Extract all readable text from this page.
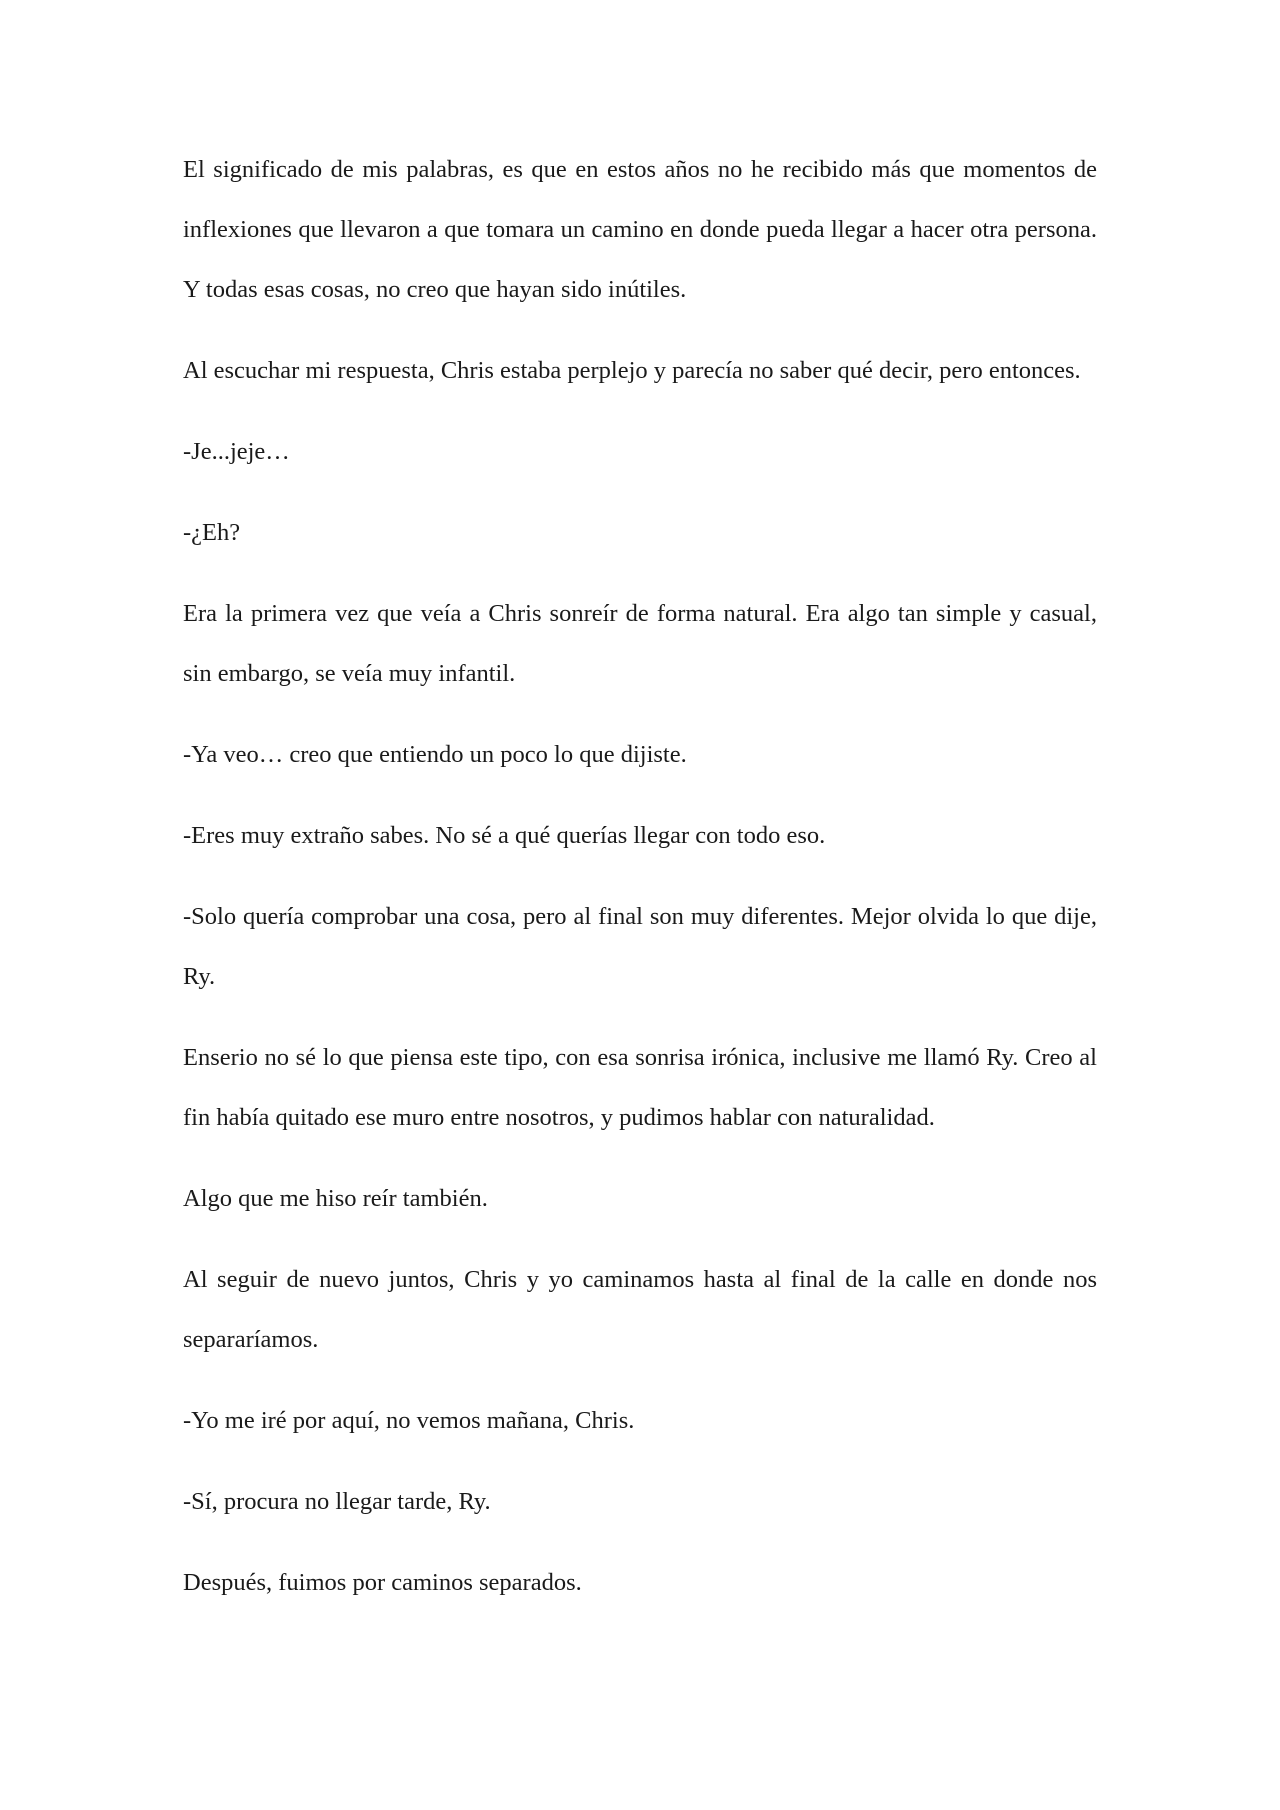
El significado de mis palabras, es que en estos años no he recibido más que momentos de inflexiones que llevaron a que tomara un camino en donde pueda llegar a hacer otra persona. Y todas esas cosas, no creo que hayan sido inútiles.

Al escuchar mi respuesta, Chris estaba perplejo y parecía no saber qué decir, pero entonces.

-Je...jeje…

-¿Eh?

Era la primera vez que veía a Chris sonreír de forma natural. Era algo tan simple y casual, sin embargo, se veía muy infantil.

-Ya veo… creo que entiendo un poco lo que dijiste.

-Eres muy extraño sabes. No sé a qué querías llegar con todo eso.

-Solo quería comprobar una cosa, pero al final son muy diferentes. Mejor olvida lo que dije, Ry.

Enserio no sé lo que piensa este tipo, con esa sonrisa irónica, inclusive me llamó Ry. Creo al fin había quitado ese muro entre nosotros, y pudimos hablar con naturalidad.

Algo que me hiso reír también.

Al seguir de nuevo juntos, Chris y yo caminamos hasta al final de la calle en donde nos separaríamos.

-Yo me iré por aquí, no vemos mañana, Chris.

-Sí, procura no llegar tarde, Ry.

Después, fuimos por caminos separados.
